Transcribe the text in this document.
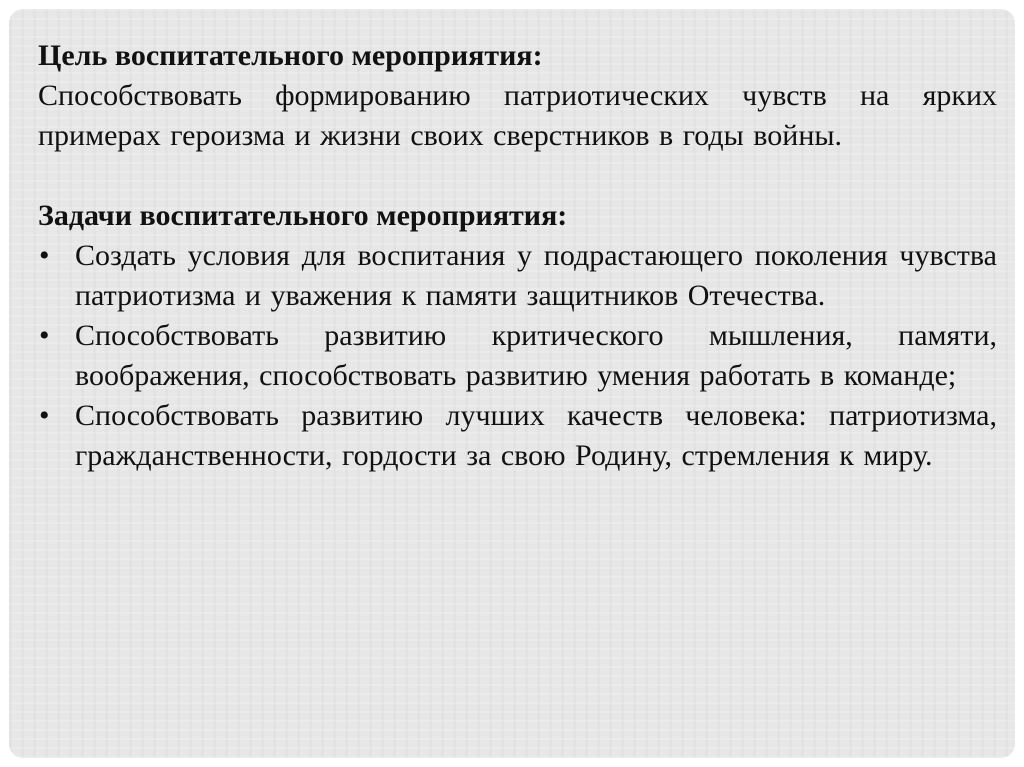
Цель воспитательного мероприятия:

Способствовать формированию патриотических чувств на ярких примерах героизма и жизни своих сверстников в годы войны.

Задачи воспитательного мероприятия:

• Создать условия для воспитания у подрастающего поколения чувства патриотизма и уважения к памяти защитников Отечества.
• Способствовать развитию критического мышления, памяти, воображения, способствовать развитию умения работать в команде;
• Способствовать развитию лучших качеств человека: патриотизма, гражданственности, гордости за свою Родину, стремления к миру.
